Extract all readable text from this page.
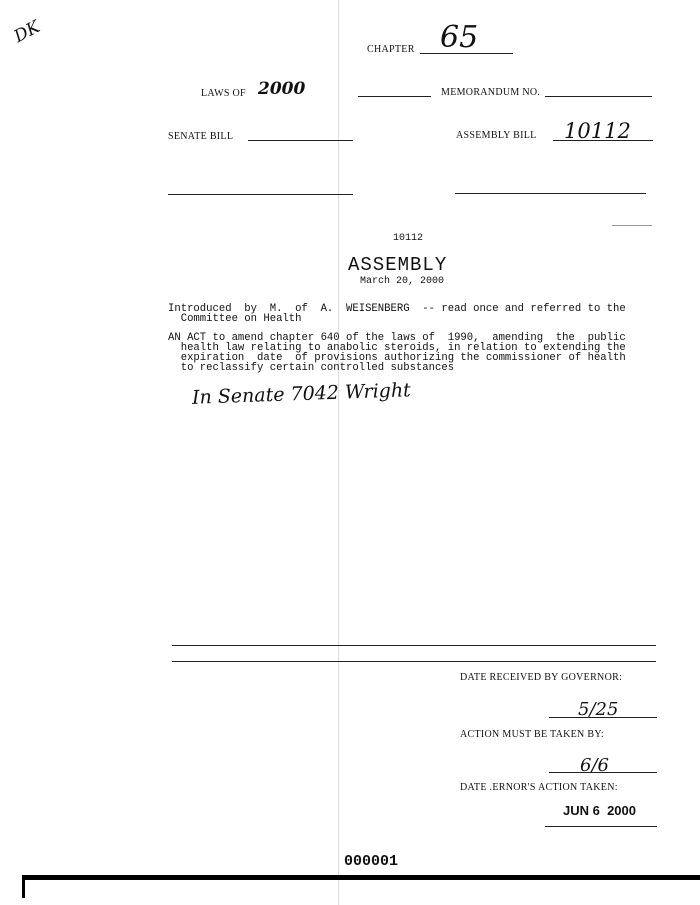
DK
CHAPTER 65
LAWS OF 2000	MEMORANDUM NO.
SENATE BILL	ASSEMBLY BILL 10112
10112
ASSEMBLY
March 20, 2000
Introduced  by  M.  of  A.  WEISENBERG  -- read once and referred to the
Committee on Health
AN ACT to amend chapter 640 of the laws of  1990,  amending  the  public
health law relating to anabolic steroids, in relation to extending the
expiration  date  of provisions authorizing the commissioner of health
to reclassify certain controlled substances
In Senate 7042 Wright
DATE RECEIVED BY GOVERNOR:
5/25
ACTION MUST BE TAKEN BY:
6/6
DATE .ERNOR'S ACTION TAKEN:
JUN 6  2000
000001
